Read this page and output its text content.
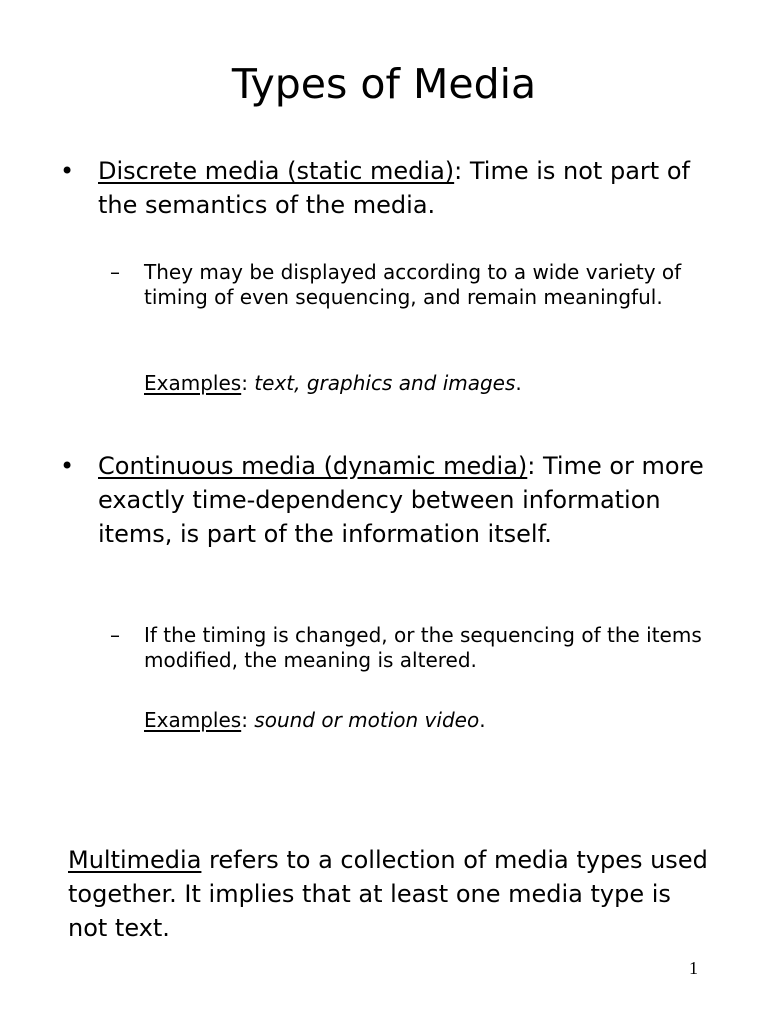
Types of Media
• Discrete media (static media): Time is not part of the semantics of the media.
– They may be displayed according to a wide variety of timing of even sequencing, and remain meaningful.
Examples: text, graphics and images.
• Continuous media (dynamic media): Time or more exactly time-dependency between information items, is part of the information itself.
– If the timing is changed, or the sequencing of the items modified, the meaning is altered.
Examples: sound or motion video.
Multimedia refers to a collection of media types used together. It implies that at least one media type is not text.
1
